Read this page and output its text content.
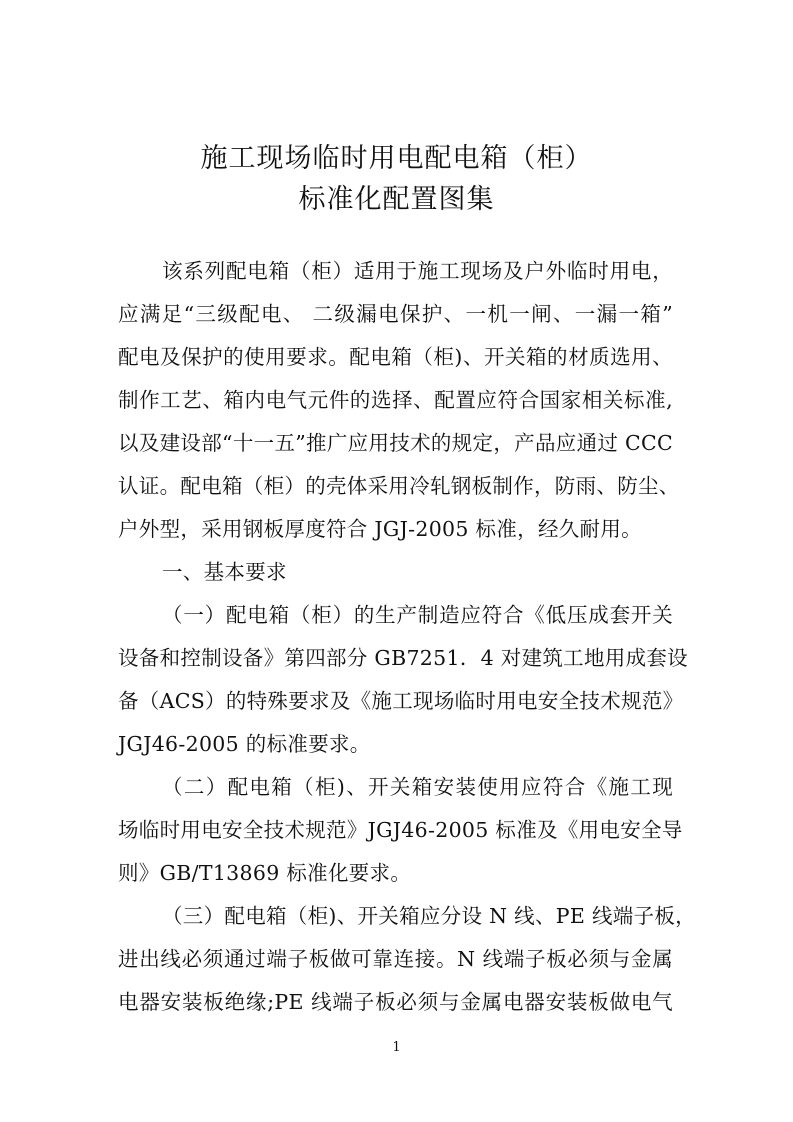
施工现场临时用电配电箱（柜）
标准化配置图集
该系列配电箱（柜）适用于施工现场及户外临时用电，
应满足“三级配电、 二级漏电保护、一机一闸、一漏一箱”
配电及保护的使用要求。配电箱（柜)、开关箱的材质选用、
制作工艺、箱内电气元件的选择、配置应符合国家相关标准,
以及建设部“十一五”推广应用技术的规定，产品应通过 CCC
认证。配电箱（柜）的壳体采用冷轧钢板制作，防雨、防尘、
户外型，采用钢板厚度符合 JGJ-2005 标准，经久耐用。
一、基本要求
（一）配电箱（柜）的生产制造应符合《低压成套开关
设备和控制设备》第四部分 GB7251．4 对建筑工地用成套设
备（ACS）的特殊要求及《施工现场临时用电安全技术规范》
JGJ46-2005 的标准要求。
（二）配电箱（柜)、开关箱安装使用应符合《施工现
场临时用电安全技术规范》JGJ46-2005 标准及《用电安全导
则》GB/T13869 标准化要求。
（三）配电箱（柜)、开关箱应分设 N 线、PE 线端子板，
进出线必须通过端子板做可靠连接。N 线端子板必须与金属
电器安装板绝缘;PE 线端子板必须与金属电器安装板做电气
1
